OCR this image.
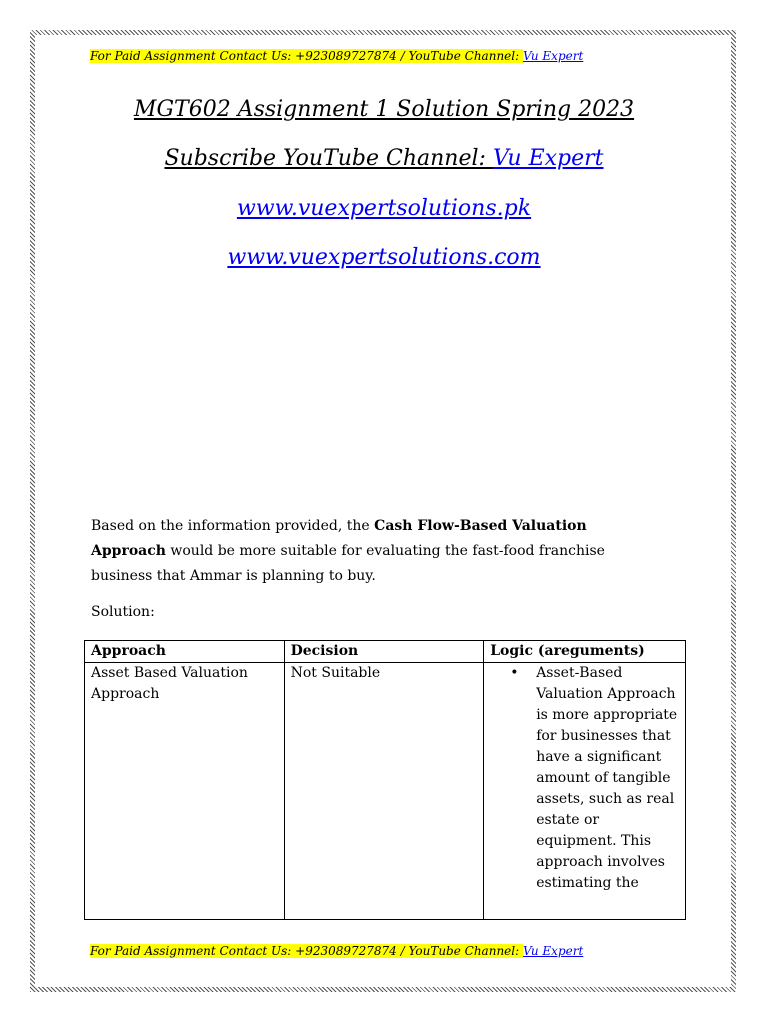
For Paid Assignment Contact Us: +923089727874 / YouTube Channel: Vu Expert
MGT602 Assignment 1 Solution Spring 2023
Subscribe YouTube Channel: Vu Expert
www.vuexpertsolutions.pk
www.vuexpertsolutions.com
Based on the information provided, the Cash Flow-Based Valuation Approach would be more suitable for evaluating the fast-food franchise business that Ammar is planning to buy.
Solution:
Approach	Decision	Logic (areguments)
Asset Based Valuation Approach	Not Suitable	• Asset-Based Valuation Approach is more appropriate for businesses that have a significant amount of tangible assets, such as real estate or equipment. This approach involves estimating the
For Paid Assignment Contact Us: +923089727874 / YouTube Channel: Vu Expert
